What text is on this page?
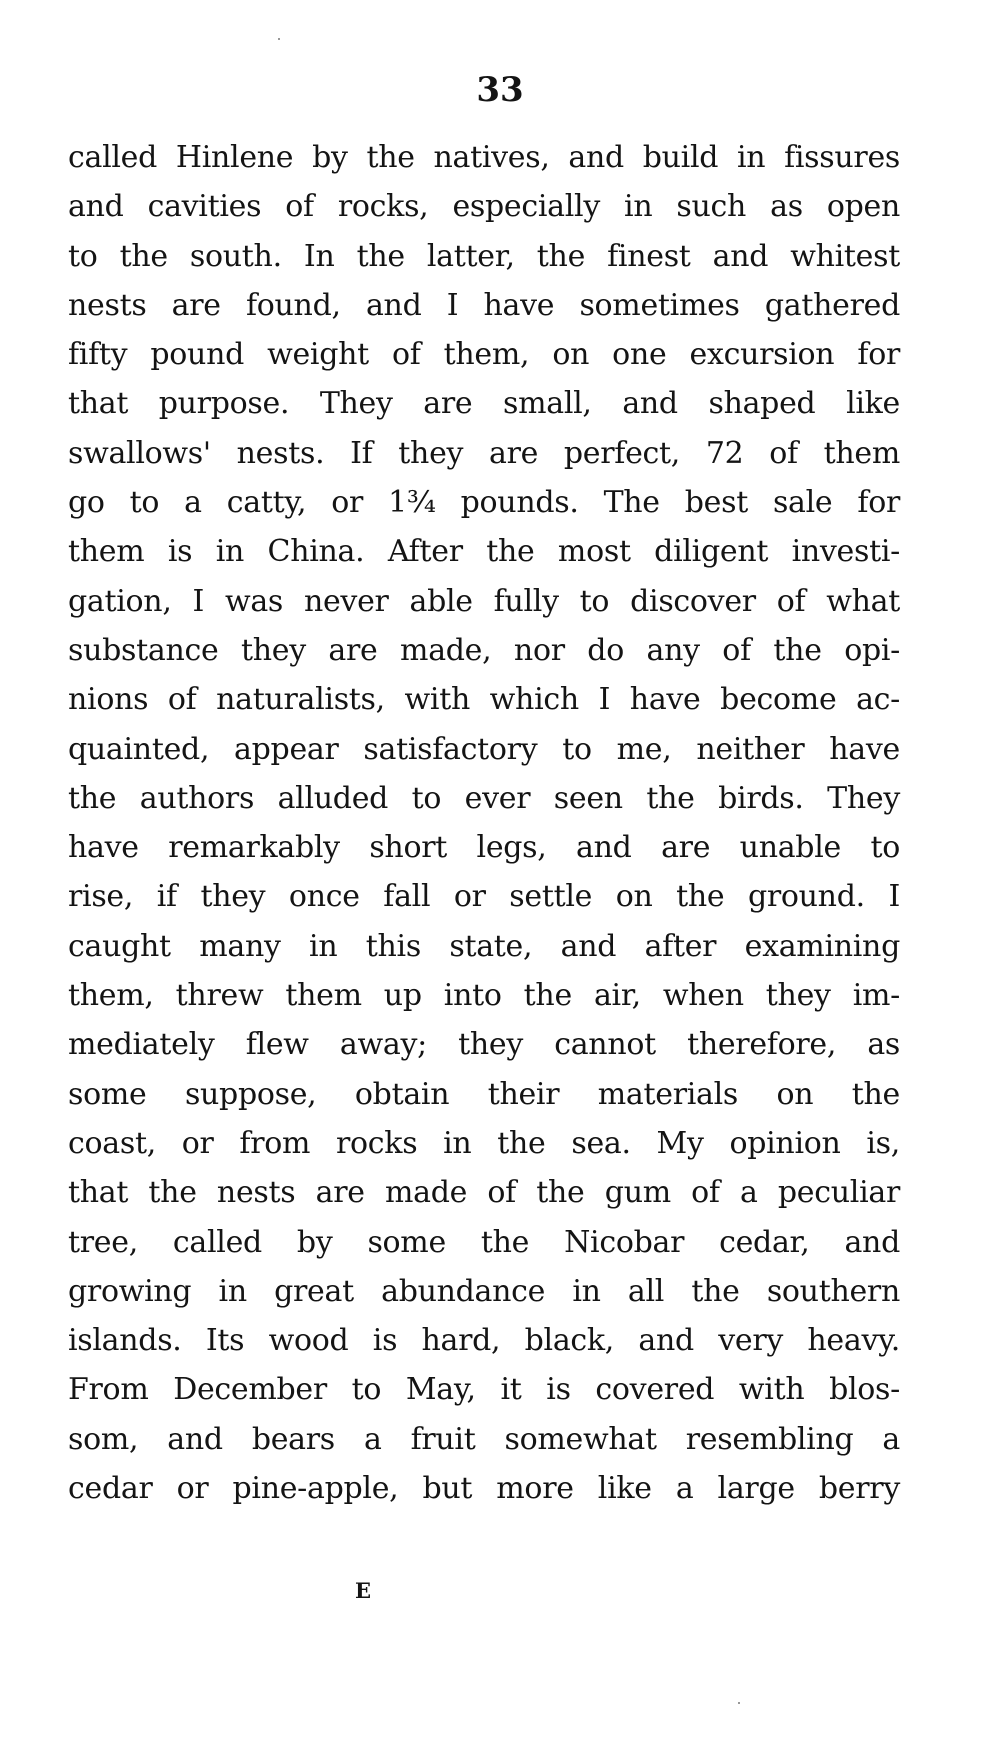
33
called Hinlene by the natives, and build in fissures
and cavities of rocks, especially in such as open
to the south. In the latter, the finest and whitest
nests are found, and I have sometimes gathered
fifty pound weight of them, on one excursion for
that purpose. They are small, and shaped like
swallows' nests. If they are perfect, 72 of them
go to a catty, or 1¾ pounds. The best sale for
them is in China. After the most diligent investi-
gation, I was never able fully to discover of what
substance they are made, nor do any of the opi-
nions of naturalists, with which I have become ac-
quainted, appear satisfactory to me, neither have
the authors alluded to ever seen the birds. They
have remarkably short legs, and are unable to
rise, if they once fall or settle on the ground. I
caught many in this state, and after examining
them, threw them up into the air, when they im-
mediately flew away; they cannot therefore, as
some suppose, obtain their materials on the
coast, or from rocks in the sea. My opinion is,
that the nests are made of the gum of a peculiar
tree, called by some the Nicobar cedar, and
growing in great abundance in all the southern
islands. Its wood is hard, black, and very heavy.
From December to May, it is covered with blos-
som, and bears a fruit somewhat resembling a
cedar or pine-apple, but more like a large berry
E
